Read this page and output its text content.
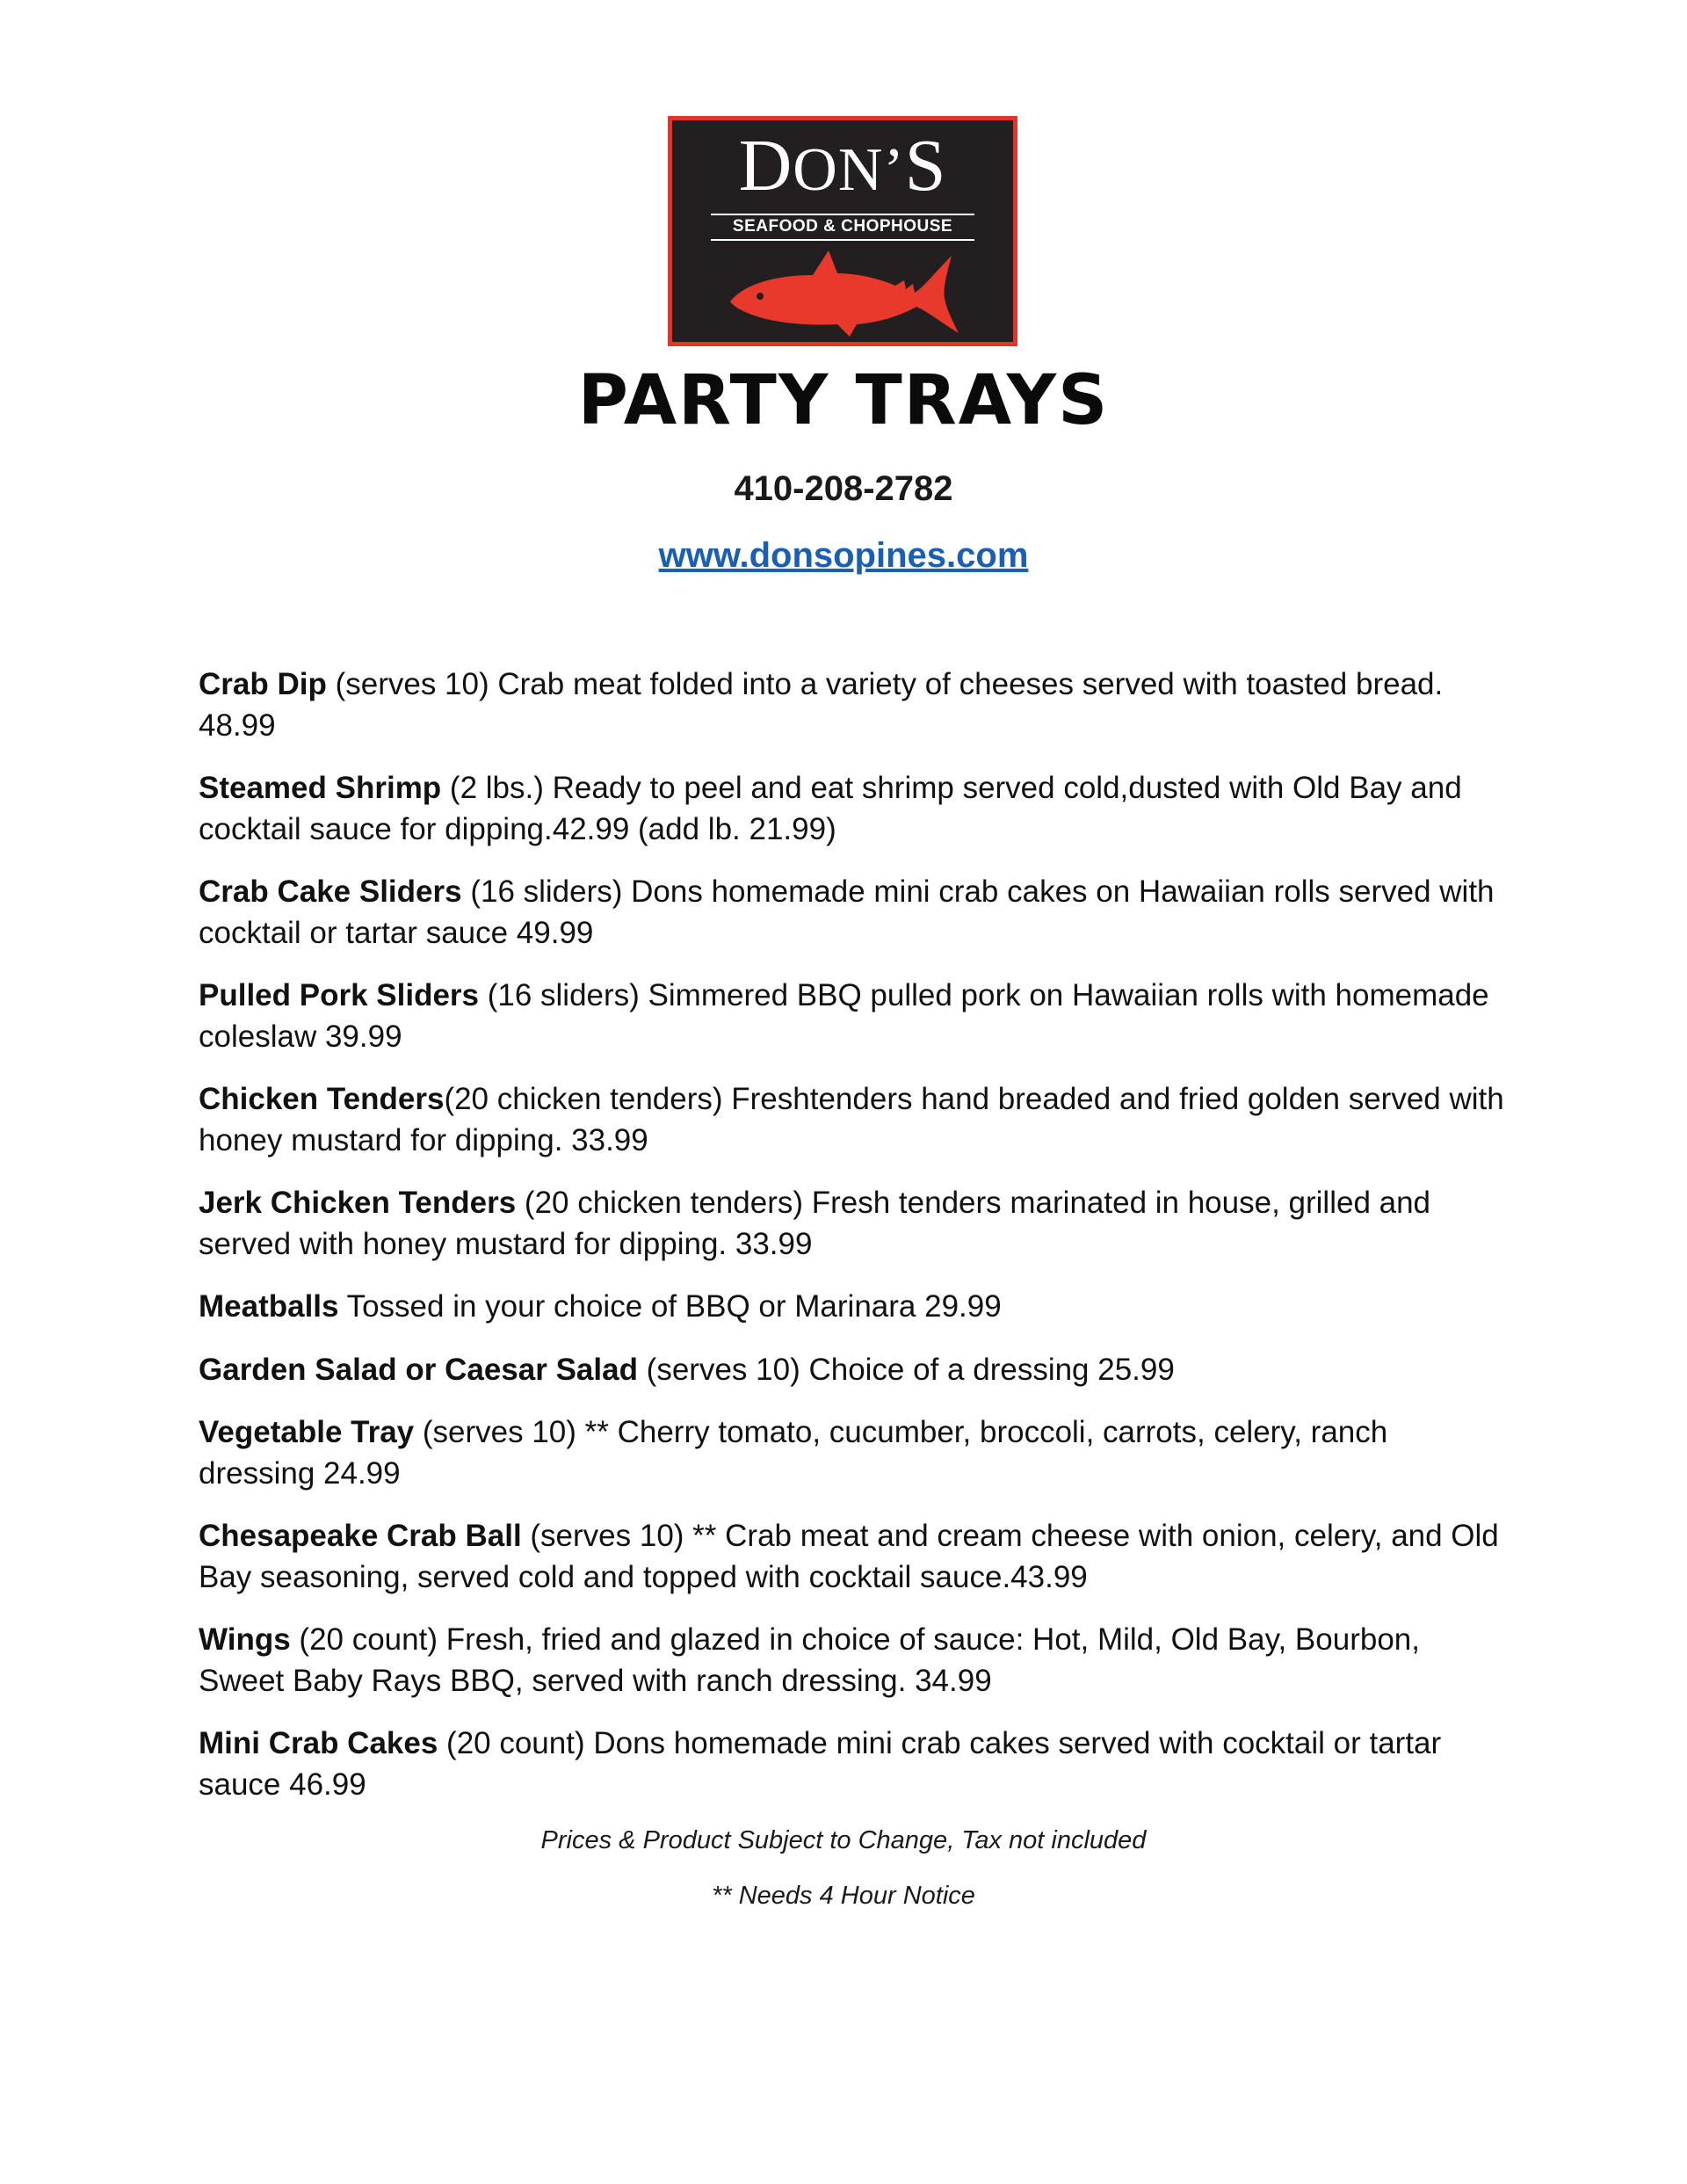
DON’S
SEAFOOD & CHOPHOUSE
PARTY TRAYS
410-208-2782
www.donsopines.com
Crab Dip (serves 10) Crab meat folded into a variety of cheeses served with toasted bread. 48.99
Steamed Shrimp (2 lbs.) Ready to peel and eat shrimp served cold,dusted with Old Bay and cocktail sauce for dipping.42.99 (add lb. 21.99)
Crab Cake Sliders (16 sliders) Dons homemade mini crab cakes on Hawaiian rolls served with cocktail or tartar sauce 49.99
Pulled Pork Sliders (16 sliders) Simmered BBQ pulled pork on Hawaiian rolls with homemade coleslaw 39.99
Chicken Tenders(20 chicken tenders) Freshtenders hand breaded and fried golden served with honey mustard for dipping. 33.99
Jerk Chicken Tenders (20 chicken tenders) Fresh tenders marinated in house, grilled and served with honey mustard for dipping. 33.99
Meatballs Tossed in your choice of BBQ or Marinara 29.99
Garden Salad or Caesar Salad (serves 10) Choice of a dressing 25.99
Vegetable Tray (serves 10) ** Cherry tomato, cucumber, broccoli, carrots, celery, ranch dressing 24.99
Chesapeake Crab Ball (serves 10) ** Crab meat and cream cheese with onion, celery, and Old Bay seasoning, served cold and topped with cocktail sauce.43.99
Wings (20 count) Fresh, fried and glazed in choice of sauce: Hot, Mild, Old Bay, Bourbon, Sweet Baby Rays BBQ, served with ranch dressing. 34.99
Mini Crab Cakes (20 count) Dons homemade mini crab cakes served with cocktail or tartar sauce 46.99
Prices & Product Subject to Change, Tax not included
** Needs 4 Hour Notice
